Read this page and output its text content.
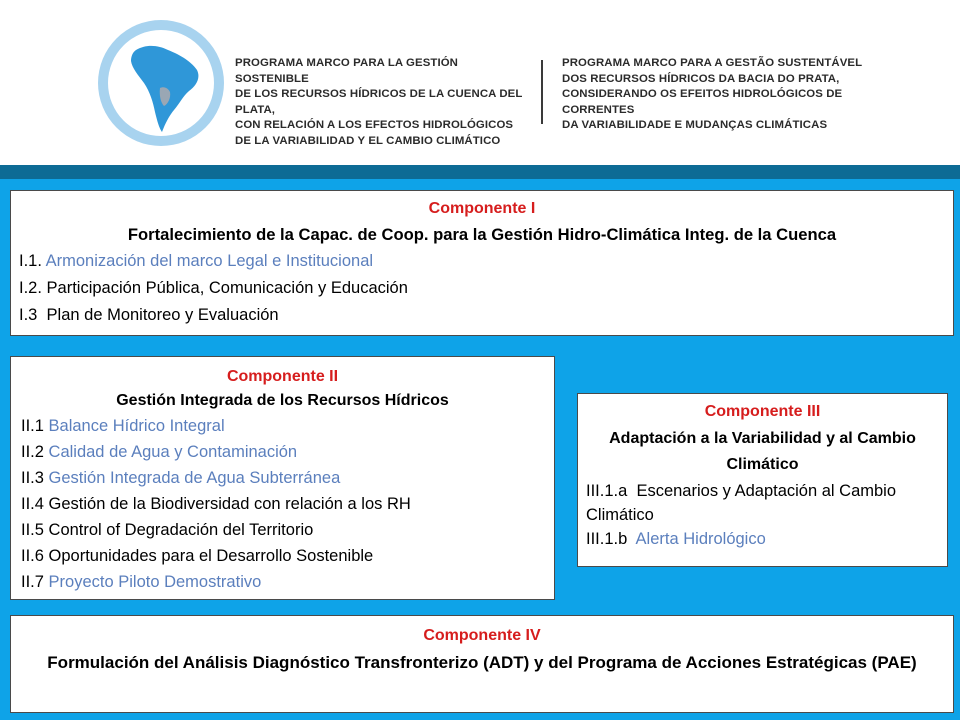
PROGRAMA MARCO PARA LA GESTIÓN SOSTENIBLE
DE LOS RECURSOS HÍDRICOS DE LA CUENCA DEL PLATA,
CON RELACIÓN A LOS EFECTOS HIDROLÓGICOS
DE LA VARIABILIDAD Y EL CAMBIO CLIMÁTICO
PROGRAMA MARCO PARA A GESTÃO SUSTENTÁVEL
DOS RECURSOS HÍDRICOS DA BACIA DO PRATA,
CONSIDERANDO OS EFEITOS HIDROLÓGICOS DE CORRENTES
DA VARIABILIDADE E MUDANÇAS CLIMÁTICAS
Componente I
Fortalecimiento de la Capac. de Coop. para la Gestión Hidro-Climática Integ. de la Cuenca
I.1. Armonización del marco Legal e Institucional
I.2. Participación Pública, Comunicación y Educación
I.3 Plan de Monitoreo y Evaluación
Componente II
Gestión Integrada de los Recursos Hídricos
II.1 Balance Hídrico Integral
II.2 Calidad de Agua y Contaminación
II.3 Gestión Integrada de Agua Subterránea
II.4 Gestión de la Biodiversidad con relación a los RH
II.5 Control of Degradación del Territorio
II.6 Oportunidades para el Desarrollo Sostenible
II.7 Proyecto Piloto Demostrativo
Componente III
Adaptación a la Variabilidad y al Cambio Climático
III.1.a Escenarios y Adaptación al Cambio Climático
III.1.b Alerta Hidrológico
Componente IV
Formulación del Análisis Diagnóstico Transfronterizo (ADT) y del Programa de Acciones Estratégicas (PAE)
